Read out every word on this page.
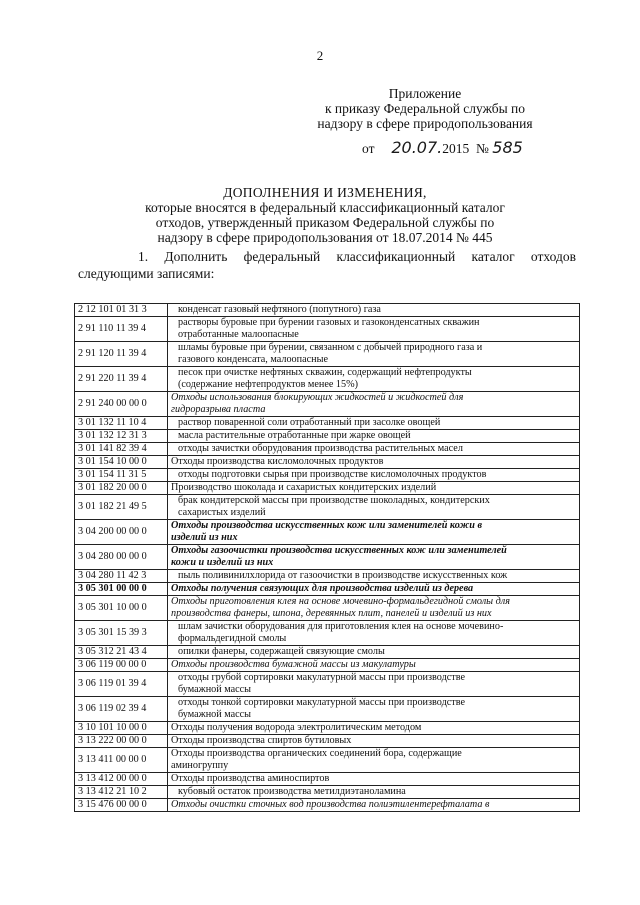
2
Приложение
к приказу Федеральной службы по
надзору в сфере природопользования
от 20.07.2015 № 585
ДОПОЛНЕНИЯ И ИЗМЕНЕНИЯ,
которые вносятся в федеральный классификационный каталог
отходов, утвержденный приказом Федеральной службы по
надзору в сфере природопользования от 18.07.2014 № 445
1. Дополнить федеральный классификационный каталог отходов
следующими записями:
2 12 101 01 31 3	конденсат газовый нефтяного (попутного) газа

2 91 110 11 39 4	растворы буровые при бурении газовых и газоконденсатных скважин
отработанные малоопасные

2 91 120 11 39 4	шламы буровые при бурении, связанном с добычей природного газа и
газового конденсата, малоопасные

2 91 220 11 39 4	песок при очистке нефтяных скважин, содержащий нефтепродукты
(содержание нефтепродуктов менее 15%)

2 91 240 00 00 0	Отходы использования блокирующих жидкостей и жидкостей для
гидроразрыва пласта

3 01 132 11 10 4	раствор поваренной соли отработанный при засолке овощей

3 01 132 12 31 3	масла растительные отработанные при жарке овощей

3 01 141 82 39 4	отходы зачистки оборудования производства растительных масел

3 01 154 10 00 0	Отходы производства кисломолочных продуктов

3 01 154 11 31 5	отходы подготовки сырья при производстве кисломолочных продуктов

3 01 182 20 00 0	Производство шоколада и сахаристых кондитерских изделий

3 01 182 21 49 5	брак кондитерской массы при производстве шоколадных, кондитерских
сахаристых изделий

3 04 200 00 00 0	Отходы производства искусственных кож или заменителей кожи в
изделий из них

3 04 280 00 00 0	Отходы газоочистки производства искусственных кож или заменителей
кожи и изделий из них

3 04 280 11 42 3	пыль поливинилхлорида от газоочистки в производстве искусственных кож

3 05 301 00 00 0	Отходы получения связующих для производства изделий из дерева

3 05 301 10 00 0	Отходы приготовления клея на основе мочевино-формальдегидной смолы для
производства фанеры, шпона, деревянных плит, панелей и изделий из них

3 05 301 15 39 3	шлам зачистки оборудования для приготовления клея на основе мочевино-
формальдегидной смолы

3 05 312 21 43 4	опилки фанеры, содержащей связующие смолы

3 06 119 00 00 0	Отходы производства бумажной массы из макулатуры

3 06 119 01 39 4	отходы грубой сортировки макулатурной массы при производстве
бумажной массы

3 06 119 02 39 4	отходы тонкой сортировки макулатурной массы при производстве
бумажной массы

3 10 101 10 00 0	Отходы получения водорода электролитическим методом

3 13 222 00 00 0	Отходы производства спиртов бутиловых

3 13 411 00 00 0	Отходы производства органических соединений бора, содержащие
аминогруппу

3 13 412 00 00 0	Отходы производства аминоспиртов

3 13 412 21 10 2	кубовый остаток производства метилдиэтаноламина

3 15 476 00 00 0	Отходы очистки сточных вод производства полиэтилентерефталата в
